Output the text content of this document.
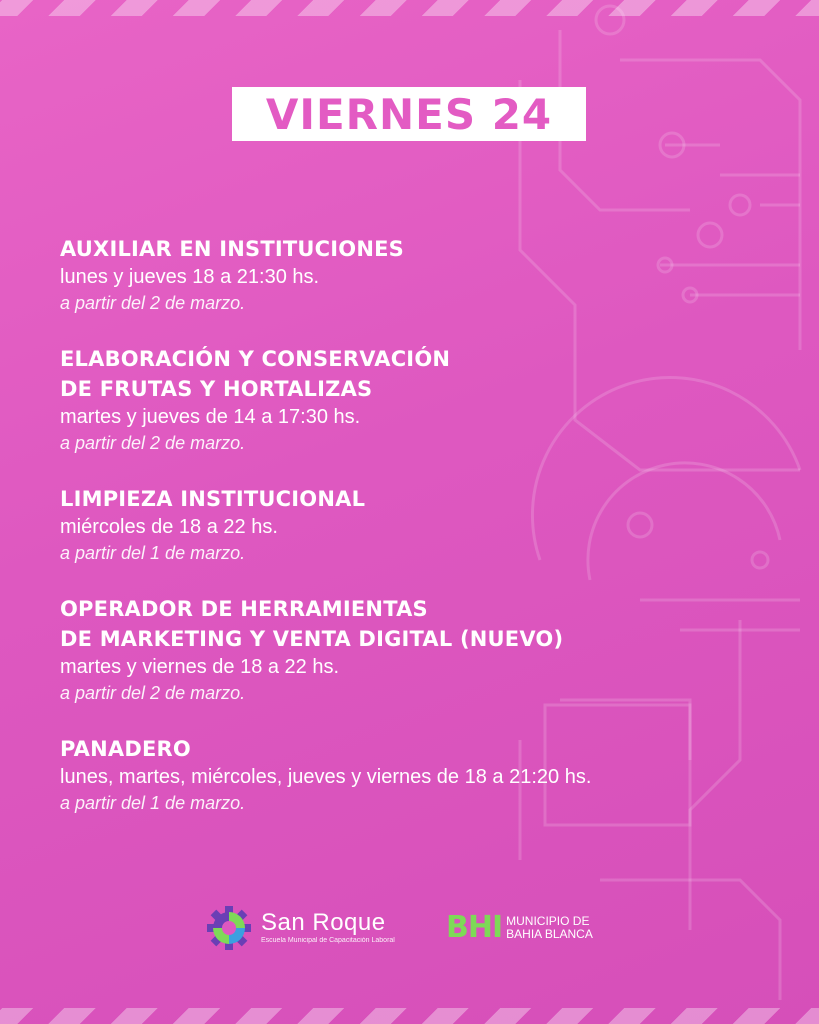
VIERNES 24
AUXILIAR EN INSTITUCIONES
lunes y jueves 18 a 21:30 hs.
a partir del 2 de marzo.
ELABORACIÓN Y CONSERVACIÓN
DE FRUTAS Y HORTALIZAS
martes y jueves de 14 a 17:30 hs.
a partir del 2 de marzo.
LIMPIEZA INSTITUCIONAL
miércoles de 18 a 22 hs.
a partir del 1 de marzo.
OPERADOR DE HERRAMIENTAS
DE MARKETING Y VENTA DIGITAL (NUEVO)
martes y viernes de 18 a 22 hs.
a partir del 2 de marzo.
PANADERO
lunes, martes, miércoles, jueves y viernes de 18 a 21:20 hs.
a partir del 1 de marzo.
San Roque
Escuela Municipal de Capacitación Laboral BHI MUNICIPIO DE
BAHIA BLANCA
